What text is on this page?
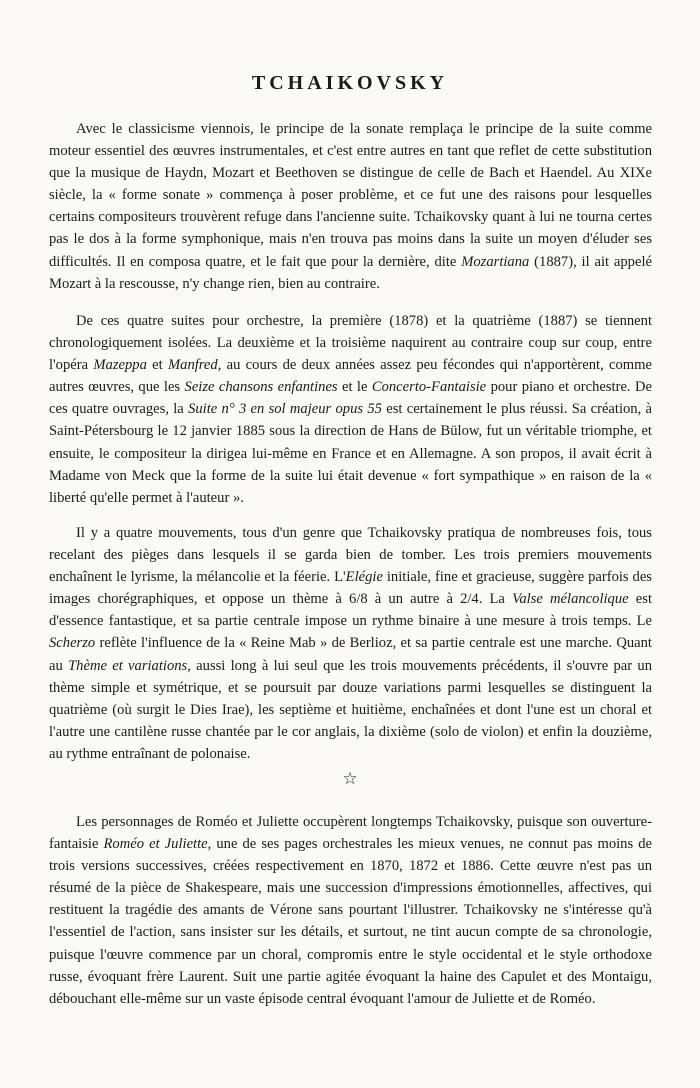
TCHAIKOVSKY

Avec le classicisme viennois, le principe de la sonate remplaça le principe de la suite comme moteur essentiel des œuvres instrumentales, et c'est entre autres en tant que reflet de cette substitution que la musique de Haydn, Mozart et Beethoven se distingue de celle de Bach et Haendel. Au XIXe siècle, la « forme sonate » commença à poser problème, et ce fut une des raisons pour lesquelles certains compositeurs trouvèrent refuge dans l'ancienne suite. Tchaikovsky quant à lui ne tourna certes pas le dos à la forme symphonique, mais n'en trouva pas moins dans la suite un moyen d'éluder ses difficultés. Il en composa quatre, et le fait que pour la dernière, dite Mozartiana (1887), il ait appelé Mozart à la rescousse, n'y change rien, bien au contraire.

De ces quatre suites pour orchestre, la première (1878) et la quatrième (1887) se tiennent chronologiquement isolées. La deuxième et la troisième naquirent au contraire coup sur coup, entre l'opéra Mazeppa et Manfred, au cours de deux années assez peu fécondes qui n'apportèrent, comme autres œuvres, que les Seize chansons enfantines et le Concerto-Fantaisie pour piano et orchestre. De ces quatre ouvrages, la Suite n° 3 en sol majeur opus 55 est certainement le plus réussi. Sa création, à Saint-Pétersbourg le 12 janvier 1885 sous la direction de Hans de Bülow, fut un véritable triomphe, et ensuite, le compositeur la dirigea lui-même en France et en Allemagne. A son propos, il avait écrit à Madame von Meck que la forme de la suite lui était devenue « fort sympathique » en raison de la « liberté qu'elle permet à l'auteur ».

Il y a quatre mouvements, tous d'un genre que Tchaikovsky pratiqua de nombreuses fois, tous recelant des pièges dans lesquels il se garda bien de tomber. Les trois premiers mouvements enchaînent le lyrisme, la mélancolie et la féerie. L'Elégie initiale, fine et gracieuse, suggère parfois des images chorégraphiques, et oppose un thème à 6/8 à un autre à 2/4. La Valse mélancolique est d'essence fantastique, et sa partie centrale impose un rythme binaire à une mesure à trois temps. Le Scherzo reflète l'influence de la « Reine Mab » de Berlioz, et sa partie centrale est une marche. Quant au Thème et variations, aussi long à lui seul que les trois mouvements précédents, il s'ouvre par un thème simple et symétrique, et se poursuit par douze variations parmi lesquelles se distinguent la quatrième (où surgit le Dies Irae), les septième et huitième, enchaînées et dont l'une est un choral et l'autre une cantilène russe chantée par le cor anglais, la dixième (solo de violon) et enfin la douzième, au rythme entraînant de polonaise.

☆

Les personnages de Roméo et Juliette occupèrent longtemps Tchaikovsky, puisque son ouverture-fantaisie Roméo et Juliette, une de ses pages orchestrales les mieux venues, ne connut pas moins de trois versions successives, créées respectivement en 1870, 1872 et 1886. Cette œuvre n'est pas un résumé de la pièce de Shakespeare, mais une succession d'impressions émotionnelles, affectives, qui restituent la tragédie des amants de Vérone sans pourtant l'illustrer. Tchaikovsky ne s'intéresse qu'à l'essentiel de l'action, sans insister sur les détails, et surtout, ne tint aucun compte de sa chronologie, puisque l'œuvre commence par un choral, compromis entre le style occidental et le style orthodoxe russe, évoquant frère Laurent. Suit une partie agitée évoquant la haine des Capulet et des Montaigu, débouchant elle-même sur un vaste épisode central évoquant l'amour de Juliette et de Roméo.
